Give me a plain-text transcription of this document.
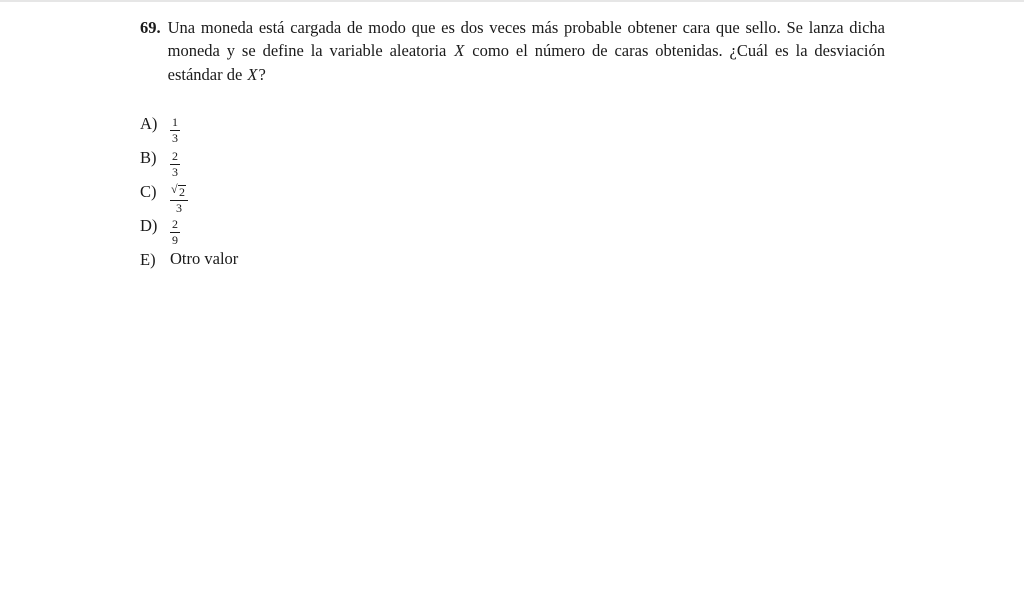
69. Una moneda está cargada de modo que es dos veces más probable obtener cara que sello. Se lanza dicha moneda y se define la variable aleatoria X como el número de caras obtenidas. ¿Cuál es la desviación estándar de X?
A)	$\frac{1}{3}$
B)	$\frac{2}{3}$
C)	√ $\frac{2}{3}$
D)	$\frac{2}{9}$
E) Otro valor
